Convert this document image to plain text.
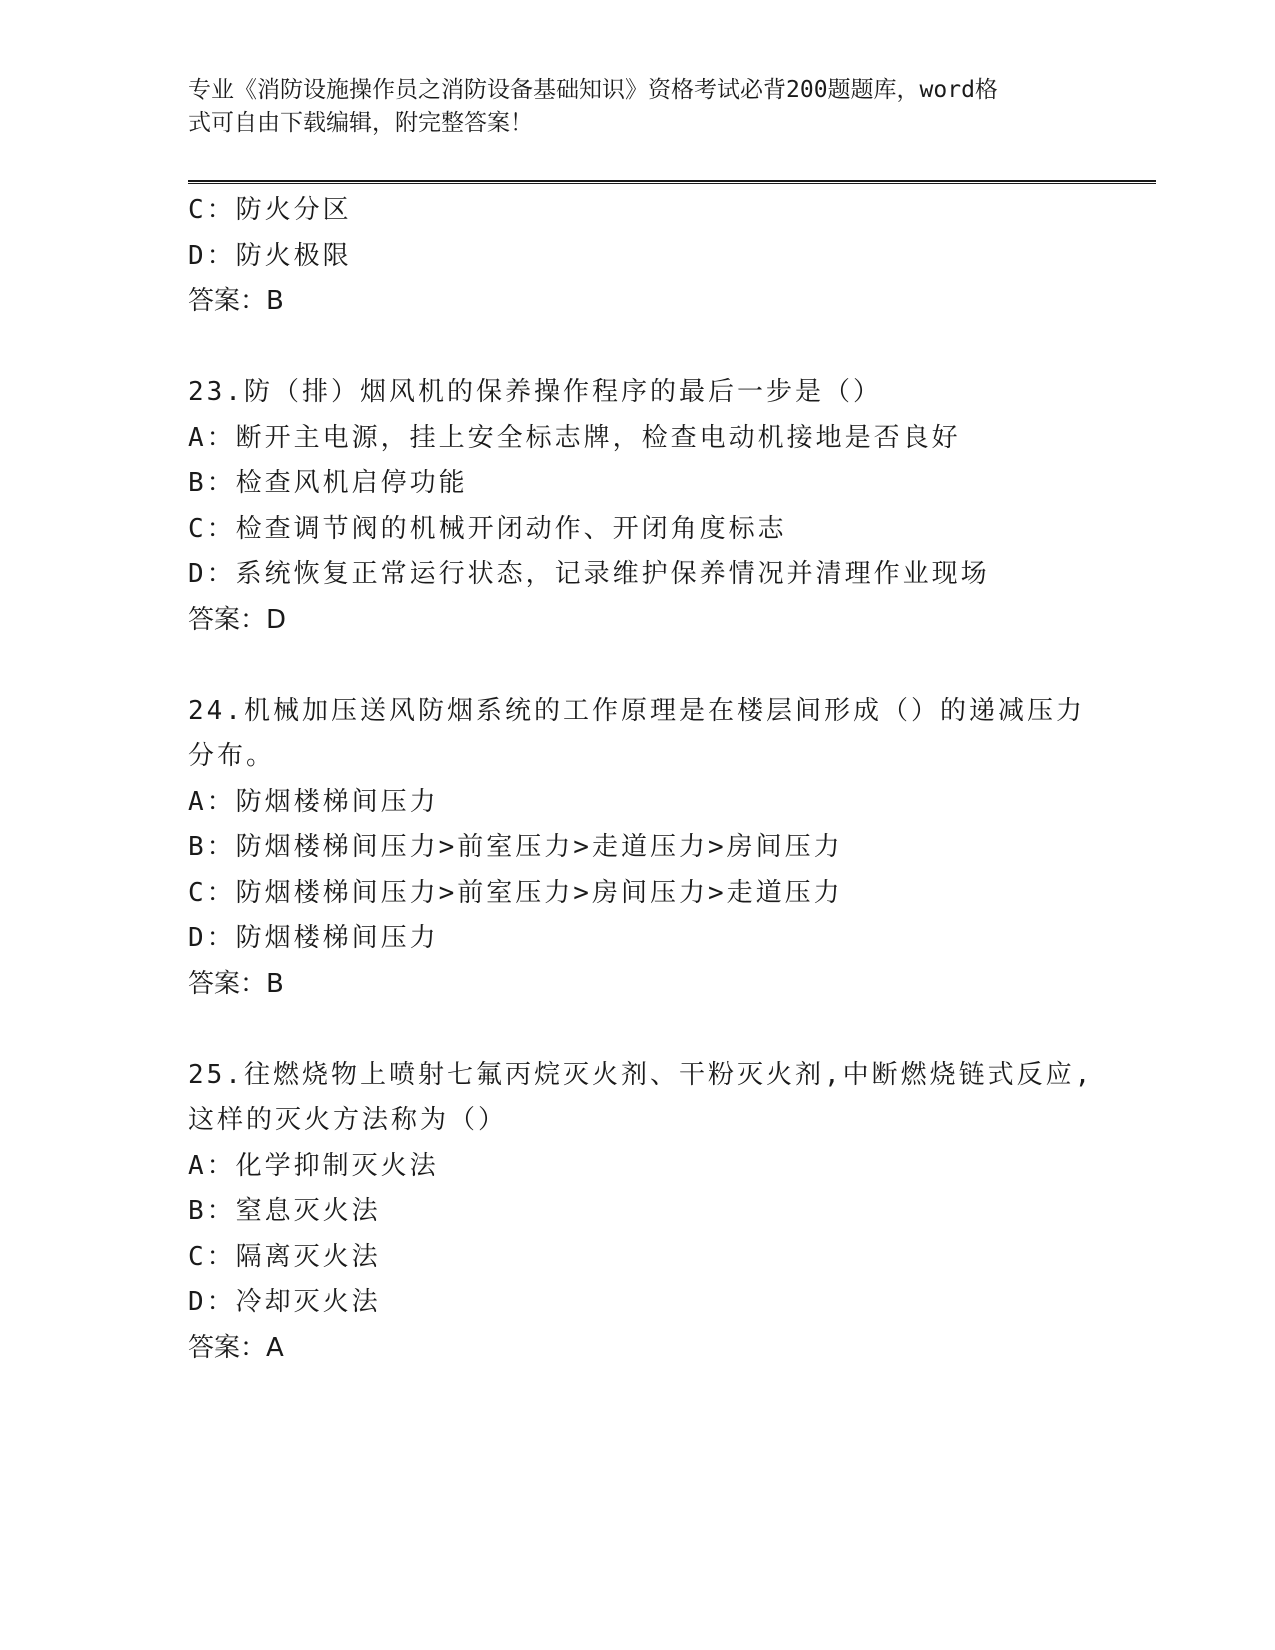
专业《消防设施操作员之消防设备基础知识》资格考试必背200题题库，word格
式可自由下载编辑，附完整答案！
C：防火分区
D：防火极限
答案：B
23.防（排）烟风机的保养操作程序的最后一步是（）
A：断开主电源，挂上安全标志牌，检查电动机接地是否良好
B：检查风机启停功能
C：检查调节阀的机械开闭动作、开闭角度标志
D：系统恢复正常运行状态，记录维护保养情况并清理作业现场
答案：D
24.机械加压送风防烟系统的工作原理是在楼层间形成（）的递减压力
分布。
A：防烟楼梯间压力
B：防烟楼梯间压力>前室压力>走道压力>房间压力
C：防烟楼梯间压力>前室压力>房间压力>走道压力
D：防烟楼梯间压力
答案：B
25.往燃烧物上喷射七氟丙烷灭火剂、干粉灭火剂,中断燃烧链式反应,
这样的灭火方法称为（）
A：化学抑制灭火法
B：窒息灭火法
C：隔离灭火法
D：冷却灭火法
答案：A
